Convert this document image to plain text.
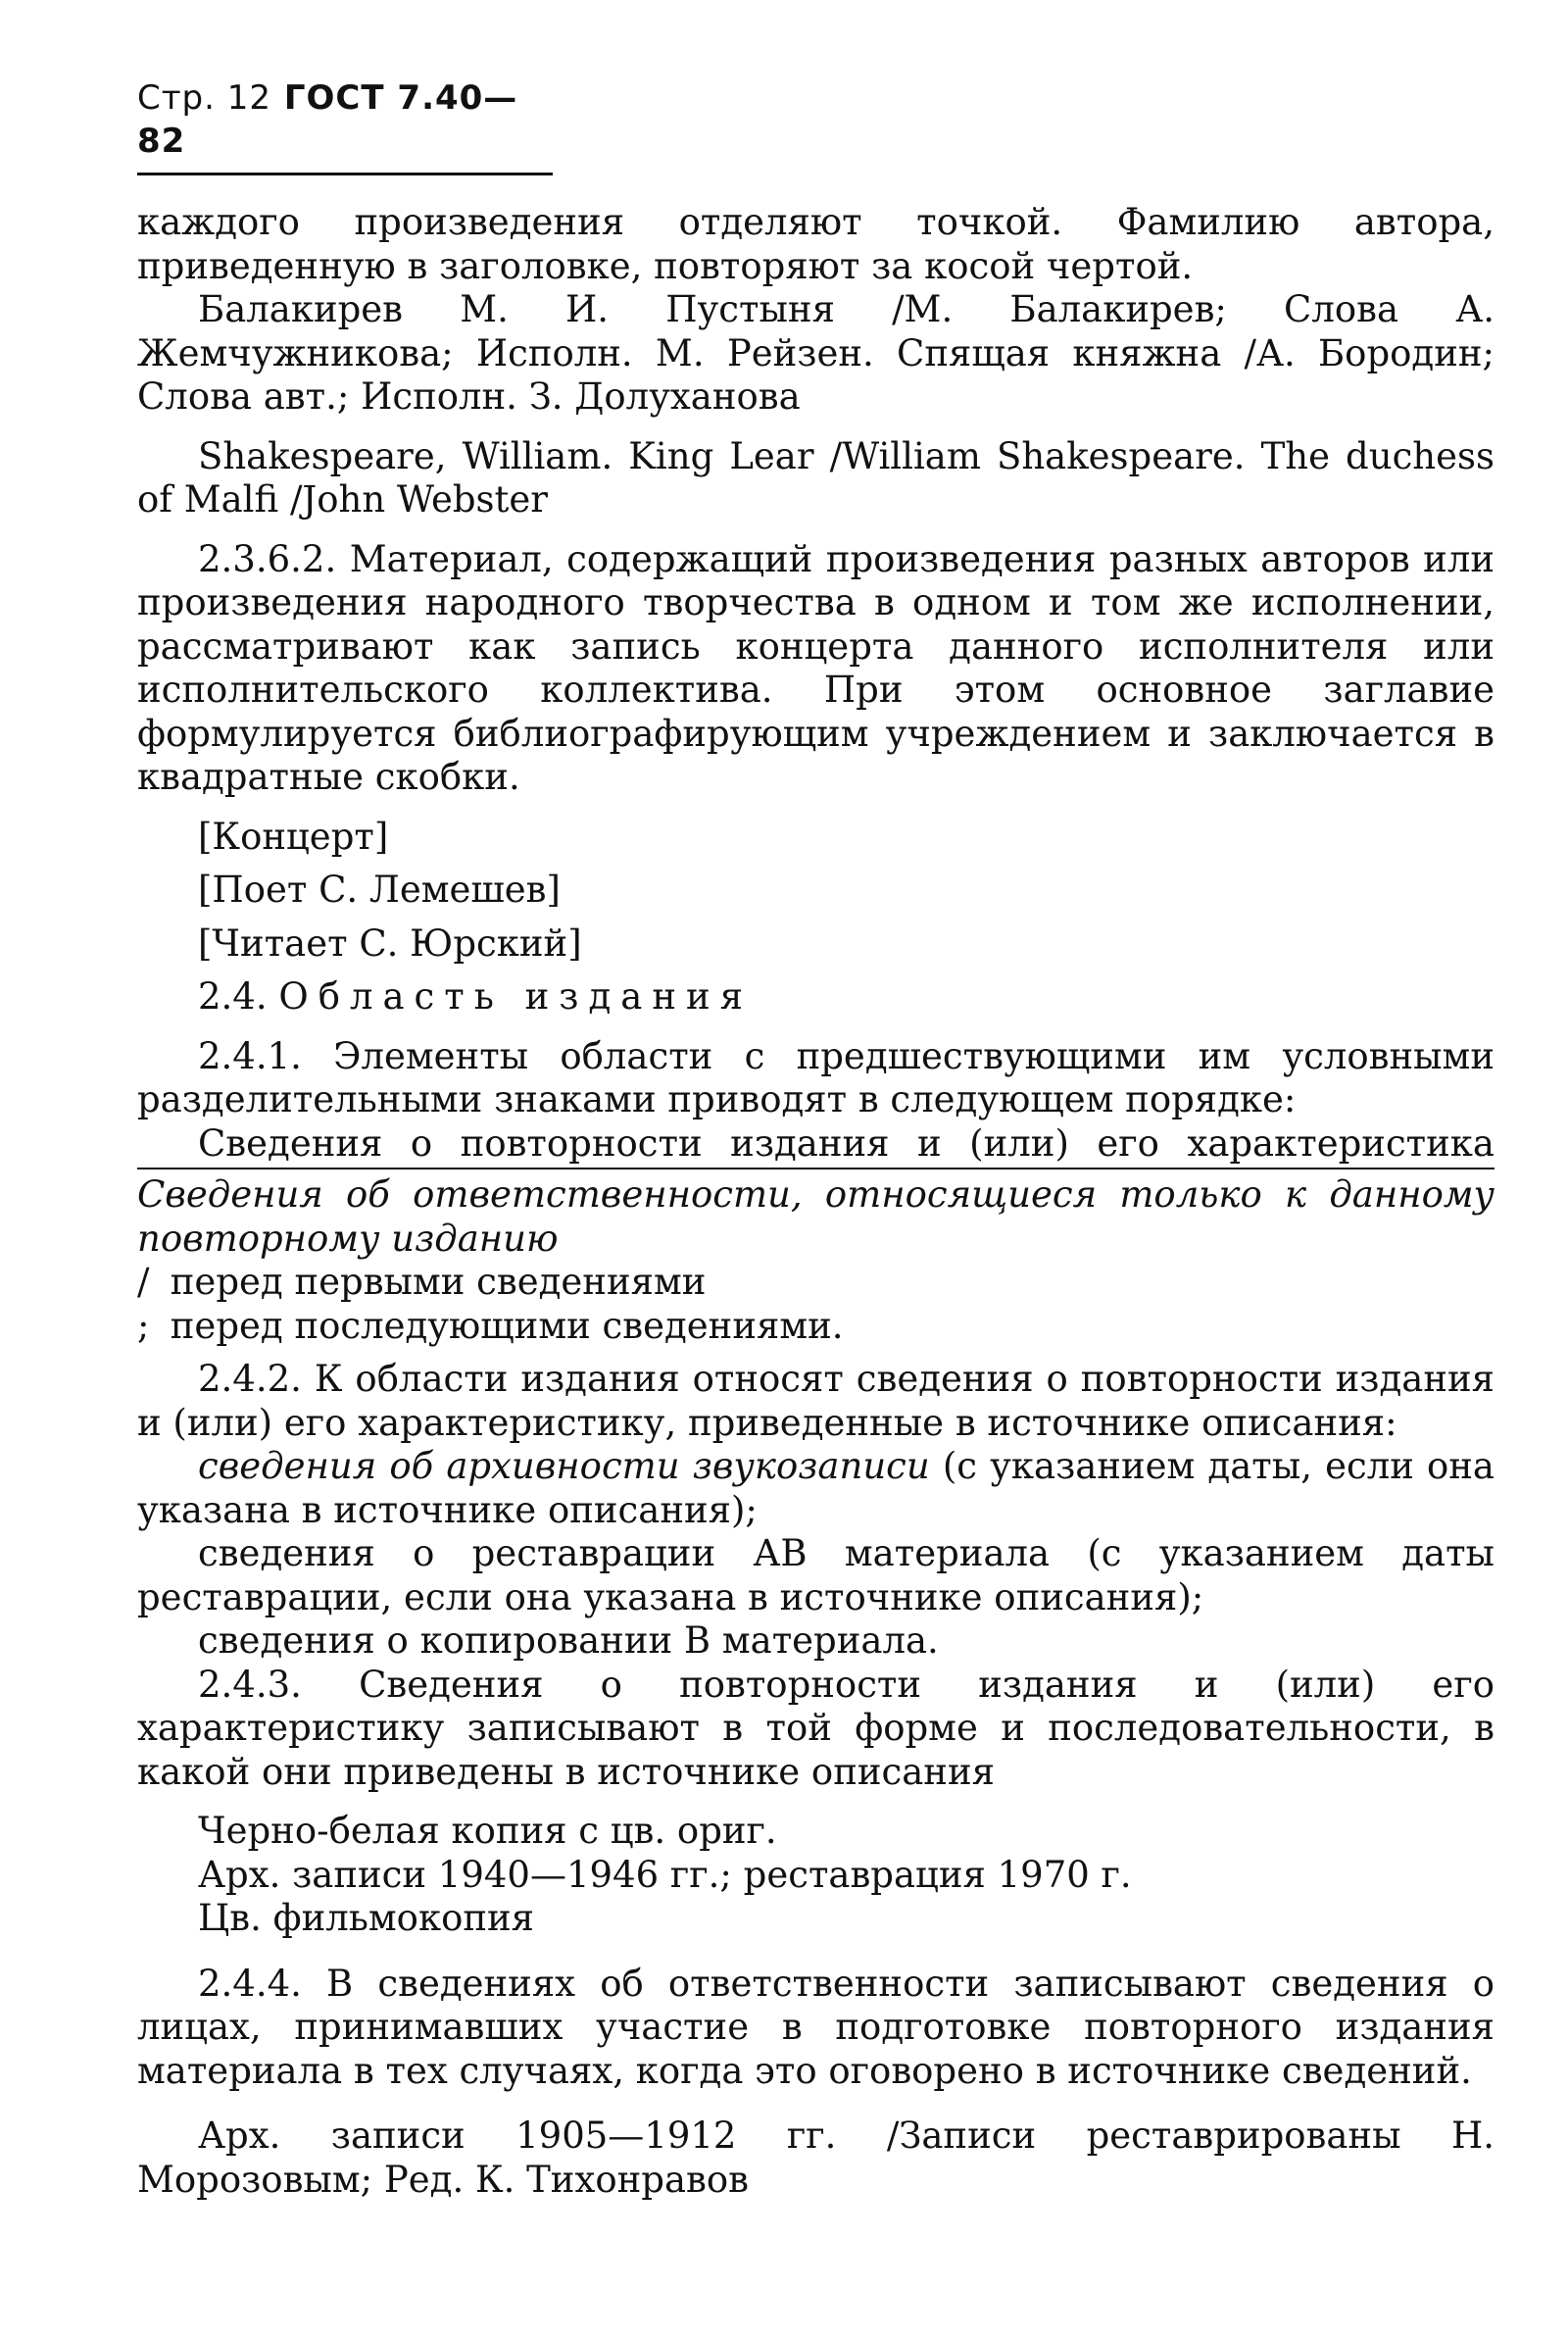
Стр. 12 ГОСТ 7.40—82

каждого произведения отделяют точкой. Фамилию автора, приведенную в заголовке, повторяют за косой чертой.

Балакирев М. И. Пустыня /М. Балакирев; Слова А. Жемчужникова; Исполн. М. Рейзен. Спящая княжна /А. Бородин; Слова авт.; Исполн. З. Долуханова

Shakespeare, William. King Lear /William Shakespeare. The duchess of Malfi /John Webster

2.3.6.2. Материал, содержащий произведения разных авторов или произведения народного творчества в одном и том же исполнении, рассматривают как запись концерта данного исполнителя или исполнительского коллектива. При этом основное заглавие формулируется библиографирующим учреждением и заключается в квадратные скобки.

[Концерт]

[Поет С. Лемешев]

[Читает С. Юрский]

2.4. Область издания

2.4.1. Элементы области с предшествующими им условными разделительными знаками приводят в следующем порядке:

Сведения о повторности издания и (или) его характеристика

Сведения об ответственности, относящиеся только к данному повторному изданию

/ перед первыми сведениями

; перед последующими сведениями.

2.4.2. К области издания относят сведения о повторности издания и (или) его характеристику, приведенные в источнике описания:

сведения об архивности звукозаписи (с указанием даты, если она указана в источнике описания);

сведения о реставрации АВ материала (с указанием даты реставрации, если она указана в источнике описания);

сведения о копировании В материала.

2.4.3. Сведения о повторности издания и (или) его характеристику записывают в той форме и последовательности, в какой они приведены в источнике описания

Черно-белая копия с цв. ориг.

Арх. записи 1940—1946 гг.; реставрация 1970 г.

Цв. фильмокопия

2.4.4. В сведениях об ответственности записывают сведения о лицах, принимавших участие в подготовке повторного издания материала в тех случаях, когда это оговорено в источнике сведений.

Арх. записи 1905—1912 гг. /Записи реставрированы Н. Морозовым; Ред. К. Тихонравов
